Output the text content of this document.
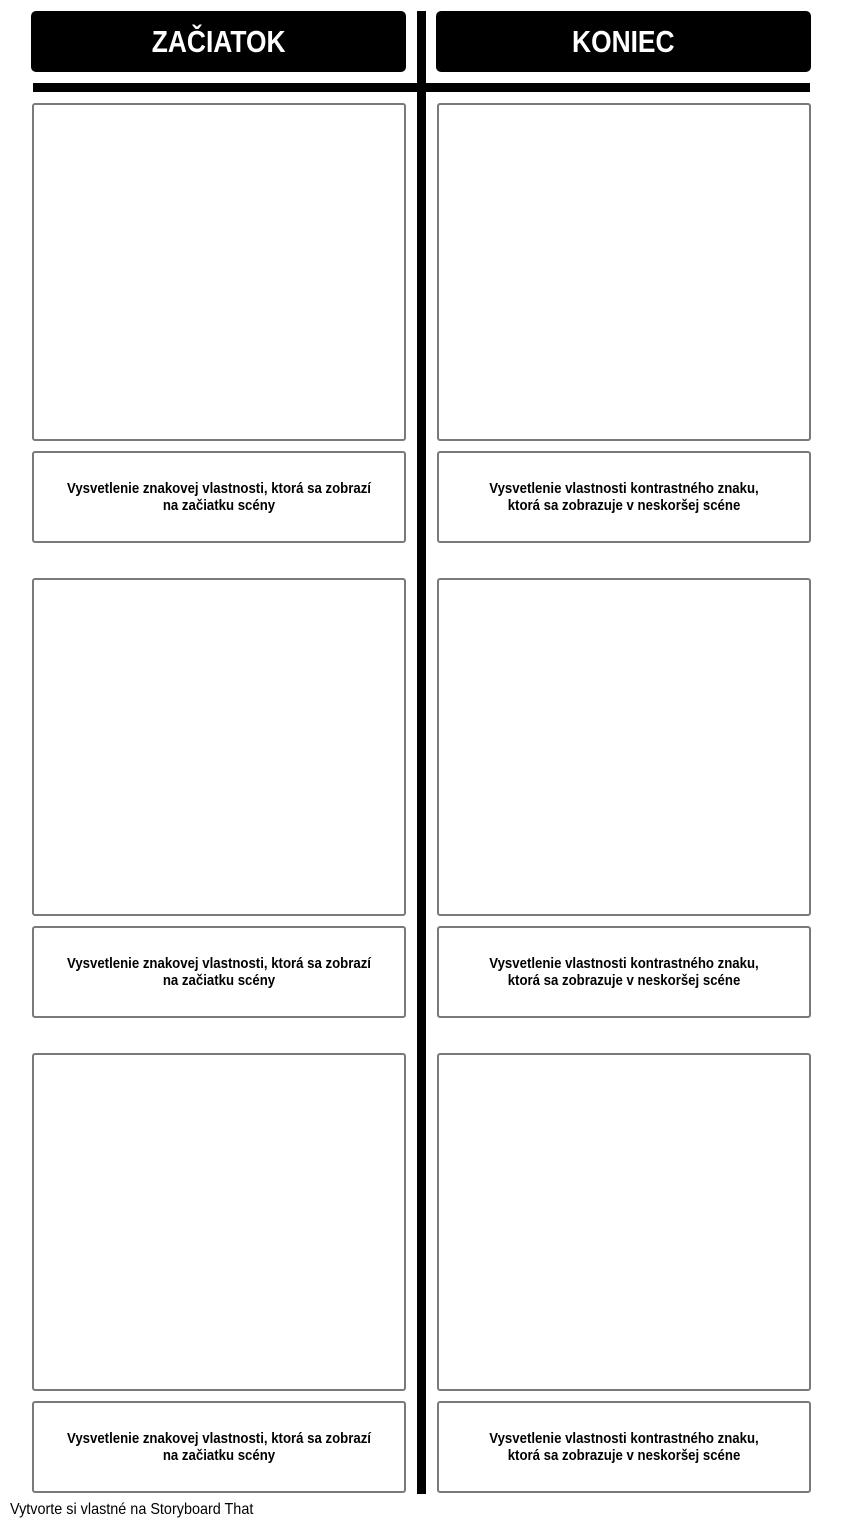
ZAČIATOK	KONIEC
Vysvetlenie znakovej vlastnosti, ktorá sa zobrazí na začiatku scény
Vysvetlenie vlastnosti kontrastného znaku, ktorá sa zobrazuje v neskoršej scéne
Vysvetlenie znakovej vlastnosti, ktorá sa zobrazí na začiatku scény
Vysvetlenie vlastnosti kontrastného znaku, ktorá sa zobrazuje v neskoršej scéne
Vysvetlenie znakovej vlastnosti, ktorá sa zobrazí na začiatku scény
Vysvetlenie vlastnosti kontrastného znaku, ktorá sa zobrazuje v neskoršej scéne
Vytvorte si vlastné na Storyboard That
